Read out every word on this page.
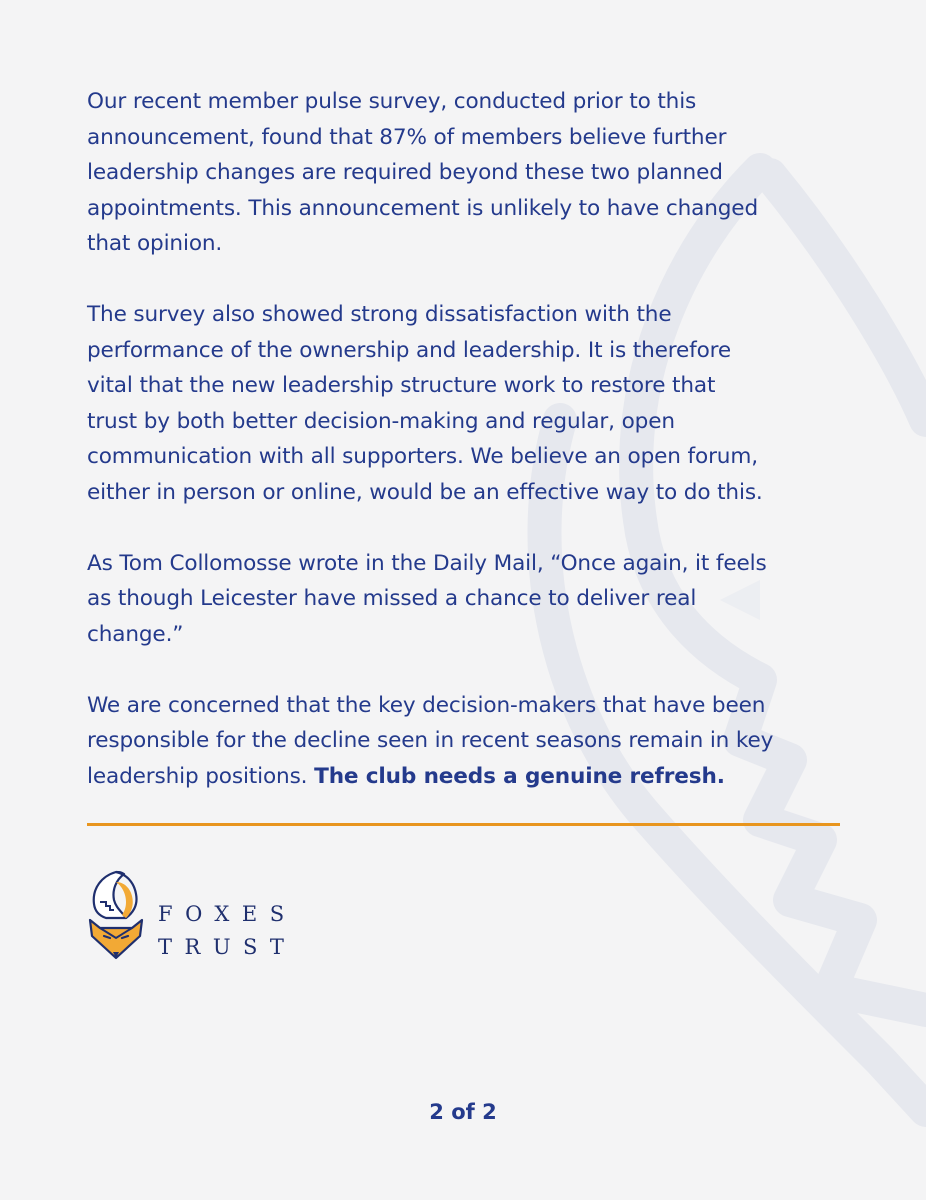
Our recent member pulse survey, conducted prior to this
announcement, found that 87% of members believe further
leadership changes are required beyond these two planned
appointments. This announcement is unlikely to have changed
that opinion.

The survey also showed strong dissatisfaction with the
performance of the ownership and leadership. It is therefore
vital that the new leadership structure work to restore that
trust by both better decision-making and regular, open
communication with all supporters. We believe an open forum,
either in person or online, would be an effective way to do this.

As Tom Collomosse wrote in the Daily Mail, “Once again, it feels
as though Leicester have missed a chance to deliver real
change.”

We are concerned that the key decision-makers that have been
responsible for the decline seen in recent seasons remain in key
leadership positions. The club needs a genuine refresh.

FOXES
TRUST
2 of 2
